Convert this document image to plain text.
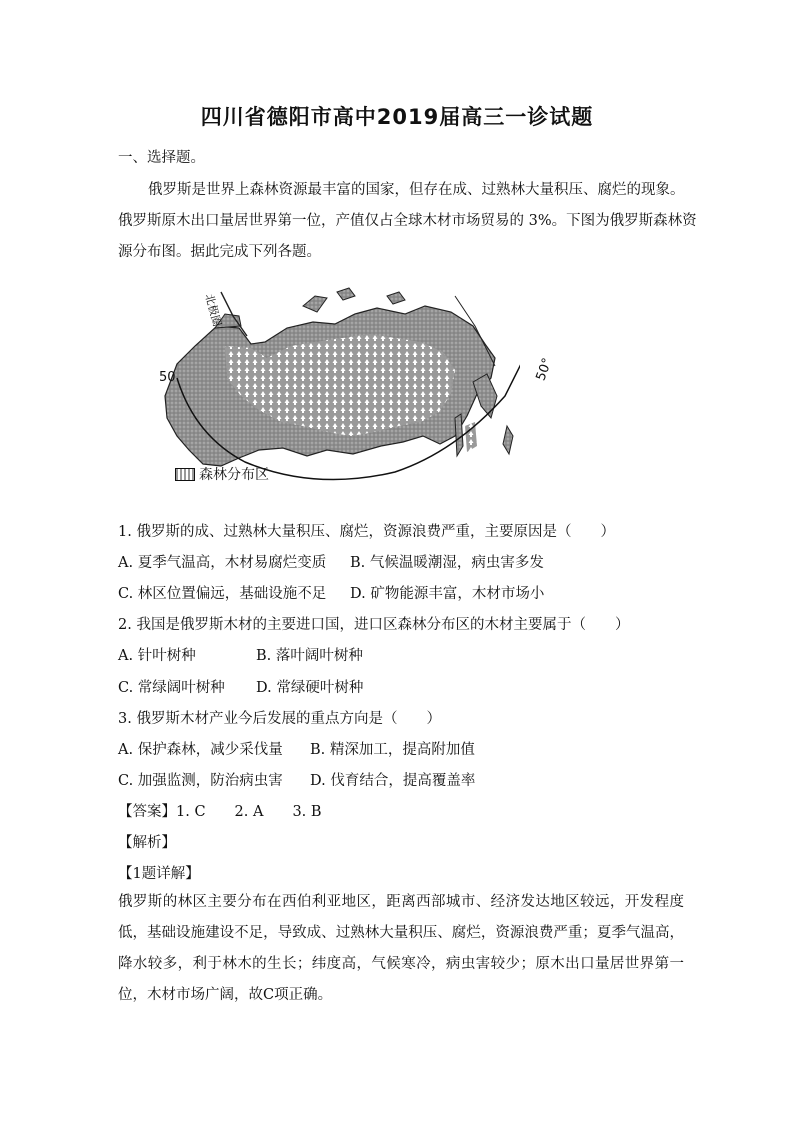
四川省德阳市高中2019届高三一诊试题
一、选择题。
俄罗斯是世界上森林资源最丰富的国家，但存在成、过熟林大量积压、腐烂的现象。
俄罗斯原木出口量居世界第一位，产值仅占全球木材市场贸易的 3%。下图为俄罗斯森林资
源分布图。据此完成下列各题。
北极圈
50	50°
森林分布区
1. 俄罗斯的成、过熟林大量积压、腐烂，资源浪费严重，主要原因是（　　）
A. 夏季气温高，木材易腐烂变质 B. 气候温暖潮湿，病虫害多发
C. 林区位置偏远，基础设施不足 D. 矿物能源丰富，木材市场小
2. 我国是俄罗斯木材的主要进口国，进口区森林分布区的木材主要属于（　　）
A. 针叶树种	B. 落叶阔叶树种
C. 常绿阔叶树种 D. 常绿硬叶树种
3. 俄罗斯木材产业今后发展的重点方向是（　　）
A. 保护森林，减少采伐量 B. 精深加工，提高附加值
C. 加强监测，防治病虫害 D. 伐育结合，提高覆盖率
【答案】1. C　　2. A　　3. B
【解析】
【1题详解】
俄罗斯的林区主要分布在西伯利亚地区，距离西部城市、经济发达地区较远，开发程度低，基础设施建设不足，导致成、过熟林大量积压、腐烂，资源浪费严重；夏季气温高，降水较多，利于林木的生长；纬度高，气候寒冷，病虫害较少；原木出口量居世界第一位，木材市场广阔，故C项正确。
